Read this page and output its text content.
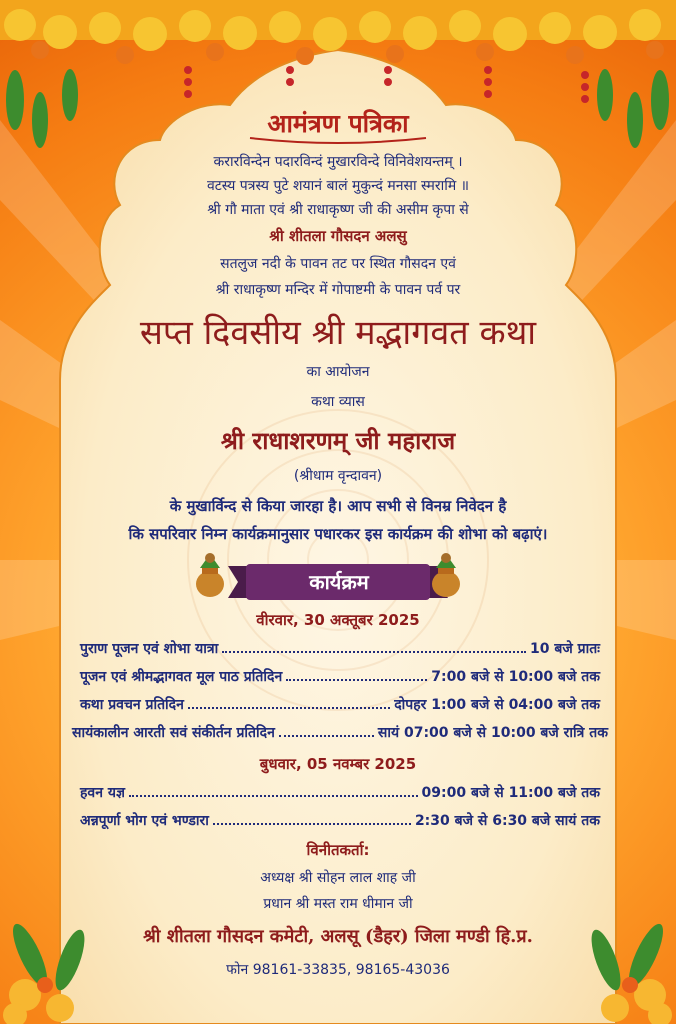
आमंत्रण पत्रिका
करारविन्देन पदारविन्दं मुखारविन्दे विनिवेशयन्तम् ।
वटस्य पत्रस्य पुटे शयानं बालं मुकुन्दं मनसा स्मरामि ॥
श्री गौ माता एवं श्री राधाकृष्ण जी की असीम कृपा से
श्री शीतला गौसदन अलसु
सतलुज नदी के पावन तट पर स्थित गौसदन एवं
श्री राधाकृष्ण मन्दिर में गोपाष्टमी के पावन पर्व पर
सप्त दिवसीय श्री मद्भागवत कथा
का आयोजन
कथा व्यास
श्री राधाशरणम् जी महाराज
(श्रीधाम वृन्दावन)
के मुखार्विन्द से किया जारहा है। आप सभी से विनम्र निवेदन है
कि सपरिवार निम्न कार्यक्रमानुसार पधारकर इस कार्यक्रम की शोभा को बढ़ाएं।
कार्यक्रम
वीरवार, 30 अक्तूबर 2025
पुराण पूजन एवं शोभा यात्रा	10 बजे प्रातः
पूजन एवं श्रीमद्भागवत मूल पाठ प्रतिदिन	7:00 बजे से 10:00 बजे तक
कथा प्रवचन प्रतिदिन	दोपहर 1:00 बजे से 04:00 बजे तक
सायंकालीन आरती सवं संकीर्तन प्रतिदिन	सायं 07:00 बजे से 10:00 बजे रात्रि तक
बुधवार, 05 नवम्बर 2025
हवन यज्ञ	09:00 बजे से 11:00 बजे तक
अन्नपूर्णा भोग एवं भण्डारा	2:30 बजे से 6:30 बजे सायं तक
विनीतकर्ता:
अध्यक्ष श्री सोहन लाल शाह जी
प्रधान श्री मस्त राम धीमान जी
श्री शीतला गौसदन कमेटी, अलसू (डैहर) जिला मण्डी हि.प्र.
फोन 98161-33835, 98165-43036
